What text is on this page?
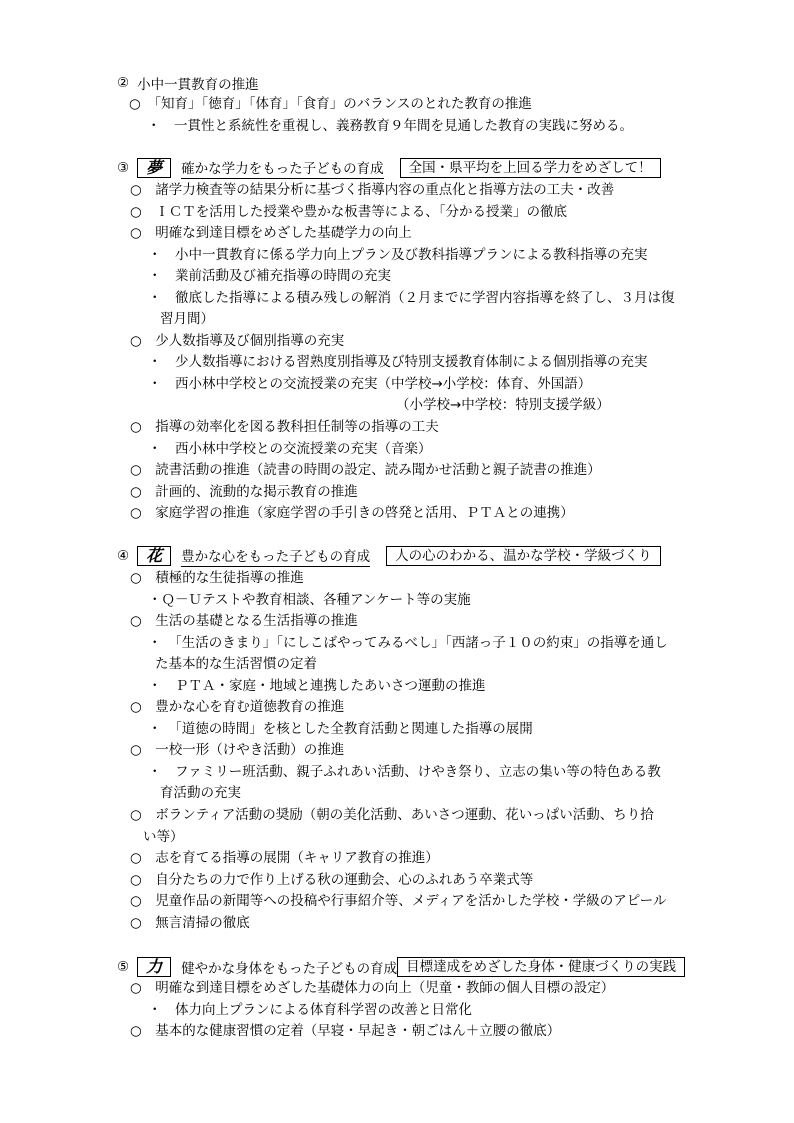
② 小中一貫教育の推進
○　「知育」「徳育」「体育」「食育」のバランスのとれた教育の推進
・　一貫性と系統性を重視し、義務教育９年間を見通した教育の実践に努める。
③	夢	確かな学力をもった子どもの育成	全国・県平均を上回る学力をめざして！
○　諸学力検査等の結果分析に基づく指導内容の重点化と指導方法の工夫・改善
○　ＩＣＴを活用した授業や豊かな板書等による、「分かる授業」の徹底
○　明確な到達目標をめざした基礎学力の向上
・　小中一貫教育に係る学力向上プラン及び教科指導プランによる教科指導の充実
・　業前活動及び補充指導の時間の充実
・　徹底した指導による積み残しの解消（２月までに学習内容指導を終了し、３月は復
習月間）
○　少人数指導及び個別指導の充実
・　少人数指導における習熟度別指導及び特別支援教育体制による個別指導の充実
・　西小林中学校との交流授業の充実（中学校→小学校：体育、外国語）
（小学校→中学校：特別支援学級）
○　指導の効率化を図る教科担任制等の指導の工夫
・　西小林中学校との交流授業の充実（音楽）
○　読書活動の推進（読書の時間の設定、読み聞かせ活動と親子読書の推進）
○　計画的、流動的な掲示教育の推進
○　家庭学習の推進（家庭学習の手引きの啓発と活用、ＰＴＡとの連携）
④	花	豊かな心をもった子どもの育成	人の心のわかる、温かな学校・学級づくり
○　積極的な生徒指導の推進
・Ｑ－Ｕテストや教育相談、各種アンケート等の実施
○　生活の基礎となる生活指導の推進
・　「生活のきまり」「にしこばやってみるべし」「西諸っ子１０の約束」の指導を通し
た基本的な生活習慣の定着
・　ＰＴＡ・家庭・地域と連携したあいさつ運動の推進
○　豊かな心を育む道徳教育の推進
・　「道徳の時間」を核とした全教育活動と関連した指導の展開
○　一校一形（けやき活動）の推進
・　ファミリー班活動、親子ふれあい活動、けやき祭り、立志の集い等の特色ある教
育活動の充実
○　ボランティア活動の奨励（朝の美化活動、あいさつ運動、花いっぱい活動、ちり拾
い等）
○　志を育てる指導の展開（キャリア教育の推進）
○　自分たちの力で作り上げる秋の運動会、心のふれあう卒業式等
○　児童作品の新聞等への投稿や行事紹介等、メディアを活かした学校・学級のアピール
○　無言清掃の徹底
⑤	力	健やかな身体をもった子どもの育成 目標達成をめざした身体・健康づくりの実践
○　明確な到達目標をめざした基礎体力の向上（児童・教師の個人目標の設定）
・　体力向上プランによる体育科学習の改善と日常化
○　基本的な健康習慣の定着（早寝・早起き・朝ごはん＋立腰の徹底）
